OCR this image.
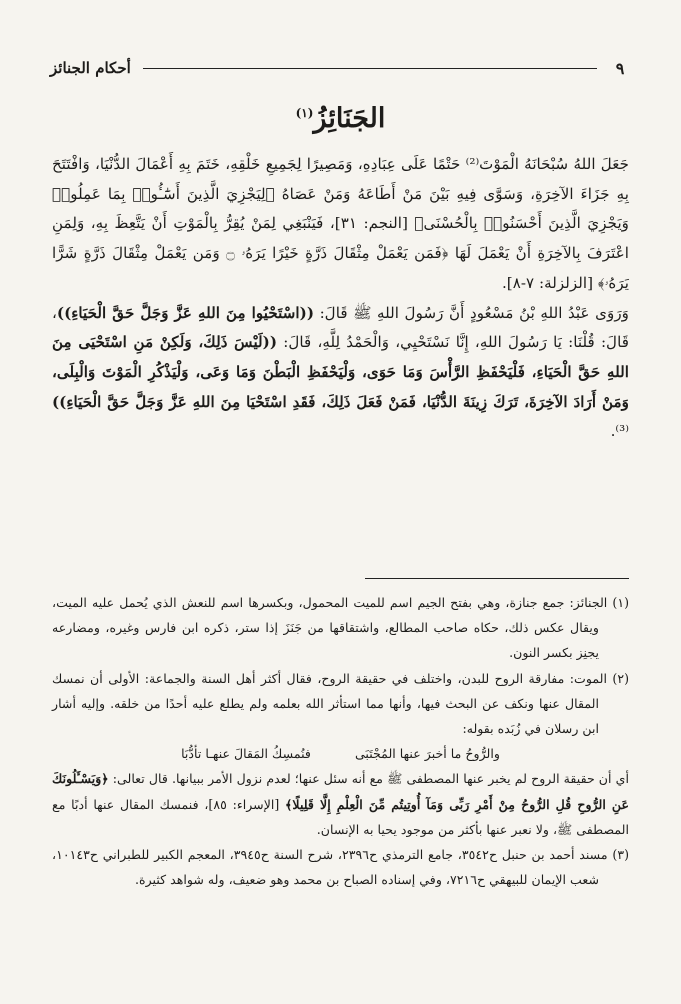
٩
أحكام الجنائز
الجَنَائِزُ$^{(١)}$

جَعَلَ اللهُ سُبْحَانَهُ الْمَوْتَ⁽²⁾ حَتْمًا عَلَى عِبَادِهِ، وَمَصِيرًا لِجَمِيعِ خَلْقِهِ، خَتَمَ بِهِ أَعْمَالَ الدُّنْيَا، وَافْتَتَحَ بِهِ جَزَاءَ الآخِرَةِ، وَسَوَّى فِيهِ بَيْنَ مَنْ أَطَاعَهُ وَمَنْ عَصَاهُ ﴿لِيَجْزِيَ الَّذِينَ أَسَٰٓـُٔوا۟ بِمَا عَمِلُوا۟ وَيَجْزِيَ الَّذِينَ أَحْسَنُوا۟ بِالْحُسْنَى﴾ [النجم: ٣١]، فَيَنْبَغِي لِمَنْ يُقِرُّ بِالْمَوْتِ أَنْ يَتَّعِظَ بِهِ، وَلِمَنِ اعْتَرَفَ بِالآخِرَةِ أَنْ يَعْمَلَ لَهَا ﴿فَمَن يَعْمَلْ مِثْقَالَ ذَرَّةٍ خَيْرًا يَرَهُۥ ۝ وَمَن يَعْمَلْ مِثْقَالَ ذَرَّةٍ شَرًّا يَرَهُۥ﴾ [الزلزلة: ٧-٨].

وَرَوَى عَبْدُ اللهِ بْنُ مَسْعُودٍ أَنَّ رَسُولَ اللهِ ﷺ قَالَ: ((اسْتَحْيُوا مِنَ اللهِ عَزَّ وَجَلَّ حَقَّ الْحَيَاءِ))، قَالَ: قُلْنَا: يَا رَسُولَ اللهِ، إِنَّا نَسْتَحْيِي، وَالْحَمْدُ لِلَّهِ، قَالَ: ((لَيْسَ ذَلِكَ، وَلَكِنْ مَنِ اسْتَحْيَى مِنَ اللهِ حَقَّ الْحَيَاءِ، فَلْيَحْفَظِ الرَّأْسَ وَمَا حَوَى، وَلْيَحْفَظِ الْبَطْنَ وَمَا وَعَى، وَلْيَذْكُرِ الْمَوْتَ وَالْبِلَى، وَمَنْ أَرَادَ الآخِرَةَ، تَرَكَ زِينَةَ الدُّنْيَا، فَمَنْ فَعَلَ ذَلِكَ، فَقَدِ اسْتَحْيَا مِنَ اللهِ عَزَّ وَجَلَّ حَقَّ الْحَيَاءِ))⁽³⁾.

(١) الجنائز: جمع جنازة، وهي بفتح الجيم اسم للميت المحمول، وبكسرها اسم للنعش الذي يُحمل عليه الميت، ويقال عكس ذلك، حكاه صاحب المطالع، واشتقاقها من جَنَزَ إذا ستر، ذكره ابن فارس وغيره، ومضارعه يجنِز بكسر النون.

(٢) الموت: مفارقة الروح للبدن، واختلف في حقيقة الروح، فقال أكثر أهل السنة والجماعة: الأولى أن نمسك المقال عنها ونكف عن البحث فيها، وأنها مما استأثر الله بعلمه ولم يطلع عليه أحدًا من خلقه. وإليه أشار ابن رسلان في زُبَده بقوله:

والرُّوحُ ما أخبرَ عنها المُجْتَبَى
فنُمسِكُ المَقالَ عنهـا تأدُّبَا

أي أن حقيقة الروح لم يخبر عنها المصطفى ﷺ مع أنه سئل عنها؛ لعدم نزول الأمر ببيانها. قال تعالى: ﴿وَيَسْـَٔلُونَكَ عَنِ الرُّوحِ قُلِ الرُّوحُ مِنْ أَمْرِ رَبِّى وَمَآ أُوتِيتُم مِّنَ الْعِلْمِ إِلَّا قَلِيلًا﴾ [الإسراء: ٨٥]، فنمسك المقال عنها أدبًا مع المصطفى ﷺ، ولا نعبر عنها بأكثر من موجود يحيا به الإنسان.

(٣) مسند أحمد بن حنبل ح٣٥٤٢، جامع الترمذي ح٢٣٩٦، شرح السنة ح٣٩٤٥، المعجم الكبير للطبراني ح١٠١٤٣، شعب الإيمان للبيهقي ح٧٢١٦، وفي إسناده الصباح بن محمد وهو ضعيف، وله شواهد كثيرة.
